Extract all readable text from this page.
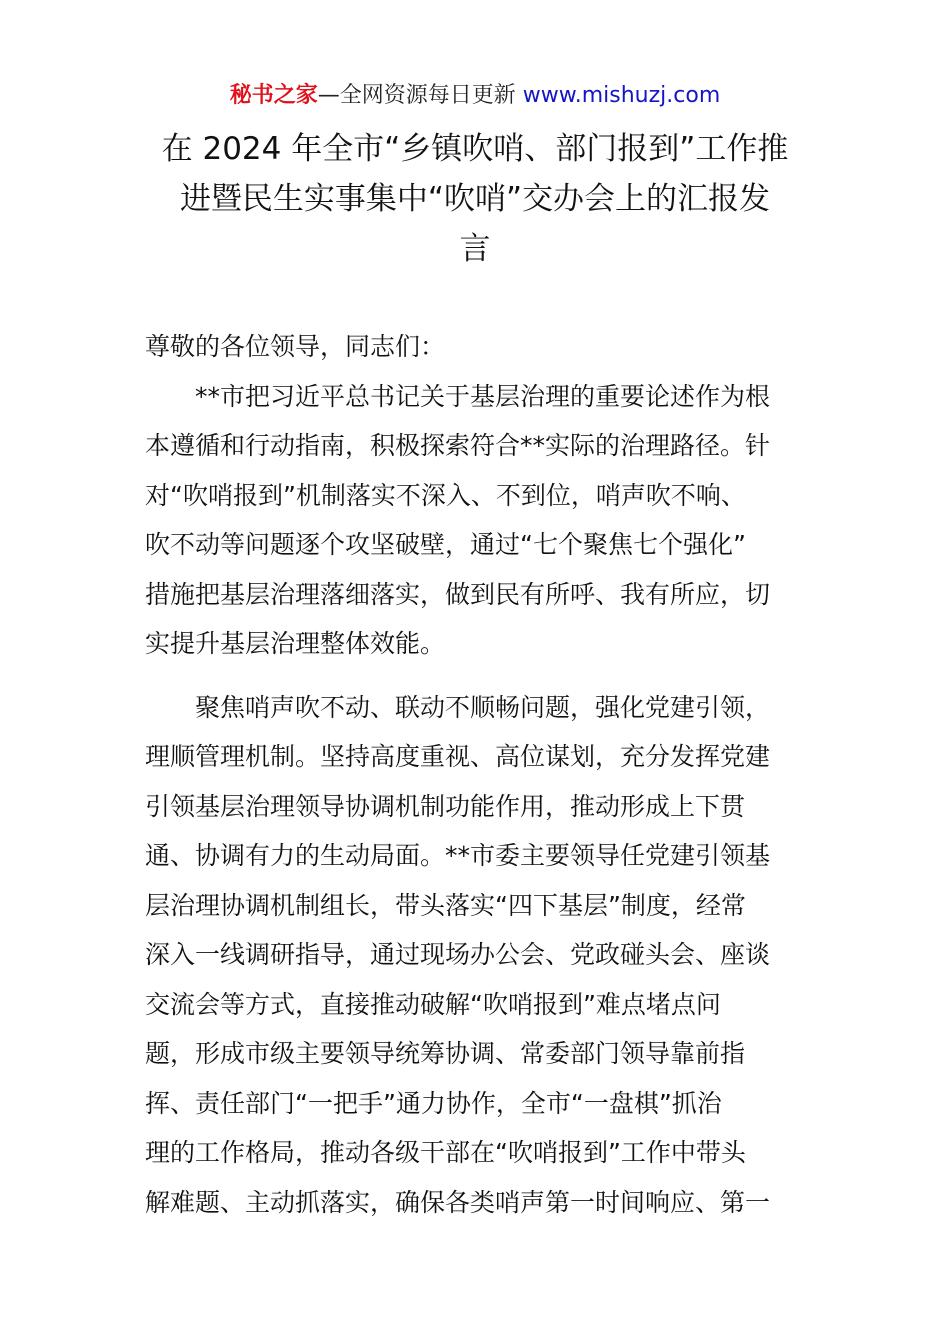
秘书之家—全网资源每日更新 www.mishuzj.com
在 2024 年全市“乡镇吹哨、部门报到”工作推
进暨民生实事集中“吹哨”交办会上的汇报发
言
尊敬的各位领导，同志们：
　　**市把习近平总书记关于基层治理的重要论述作为根
本遵循和行动指南，积极探索符合**实际的治理路径。针
对“吹哨报到”机制落实不深入、不到位，哨声吹不响、
吹不动等问题逐个攻坚破壁，通过“七个聚焦七个强化”
措施把基层治理落细落实，做到民有所呼、我有所应，切
实提升基层治理整体效能。
　　聚焦哨声吹不动、联动不顺畅问题，强化党建引领，
理顺管理机制。坚持高度重视、高位谋划，充分发挥党建
引领基层治理领导协调机制功能作用，推动形成上下贯
通、协调有力的生动局面。**市委主要领导任党建引领基
层治理协调机制组长，带头落实“四下基层”制度，经常
深入一线调研指导，通过现场办公会、党政碰头会、座谈
交流会等方式，直接推动破解“吹哨报到”难点堵点问
题，形成市级主要领导统筹协调、常委部门领导靠前指
挥、责任部门“一把手”通力协作，全市“一盘棋”抓治
理的工作格局，推动各级干部在“吹哨报到”工作中带头
解难题、主动抓落实，确保各类哨声第一时间响应、第一
